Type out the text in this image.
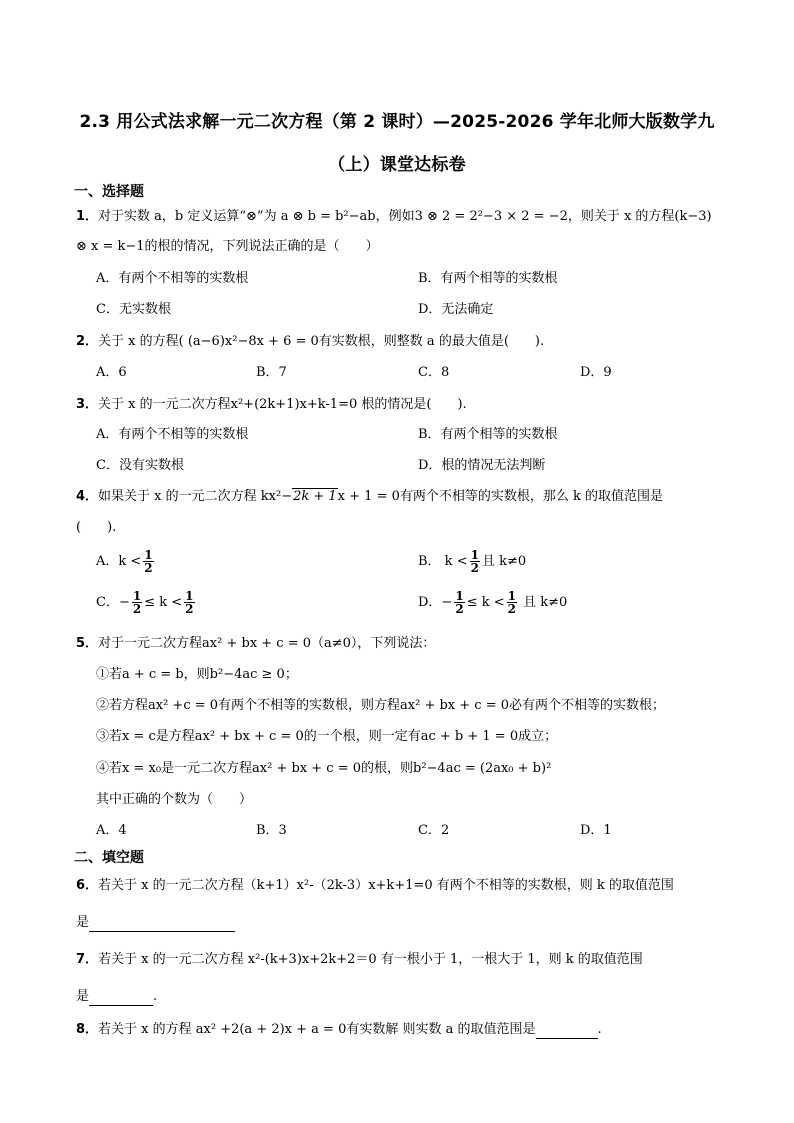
2.3 用公式法求解一元二次方程（第 2 课时）—2025-2026 学年北师大版数学九
（上）课堂达标卷
一、选择题
1．对于实数 a，b 定义运算“⊗”为 a ⊗ b = b²−ab，例如3 ⊗ 2 = 2²−3 × 2 = −2，则关于 x 的方程(k−3)
⊗ x = k−1的根的情况，下列说法正确的是（　　）
A．有两个不相等的实数根	B．有两个相等的实数根
C．无实数根	D．无法确定
2．关于 x 的方程( (a−6)x²−8x + 6 = 0有实数根，则整数 a 的最大值是(　　).
A．6	B．7	C．8	D．9
3．关于 x 的一元二次方程x²+(2k+1)x+k-1=0 根的情况是(　　).
A．有两个不相等的实数根	B．有两个相等的实数根
C．没有实数根	D．根的情况无法判断
4．如果关于 x 的一元二次方程 kx²−2k + 1x + 1 = 0有两个不相等的实数根，那么 k 的取值范围是
(　　).
A．$k < \frac{1}{2}$	B． $k < \frac{1}{2}$ 且 k≠0
C．− $\frac{1}{2} \le k < \frac{1}{2}$	D．− $\frac{1}{2} \le k < \frac{1}{2}$ 且 k≠0
5．对于一元二次方程ax² + bx + c = 0（a≠0），下列说法：
①若a + c = b，则b²−4ac ≥ 0；
②若方程ax² +c = 0有两个不相等的实数根，则方程ax² + bx + c = 0必有两个不相等的实数根；
③若x = c是方程ax² + bx + c = 0的一个根，则一定有ac + b + 1 = 0成立；
④若x = x₀是一元二次方程ax² + bx + c = 0的根，则b²−4ac = (2ax₀ + b)²
其中正确的个数为（　　）
A．4	B．3	C．2	D．1
二、填空题
6．若关于 x 的一元二次方程（k+1）x²-（2k-3）x+k+1=0 有两个不相等的实数根，则 k 的取值范围
是
7．若关于 x 的一元二次方程 x²-(k+3)x+2k+2＝0 有一根小于 1，一根大于 1，则 k 的取值范围
是	.
8．若关于 x 的方程 ax² +2(a + 2)x + a = 0有实数解 则实数 a 的取值范围是	.
